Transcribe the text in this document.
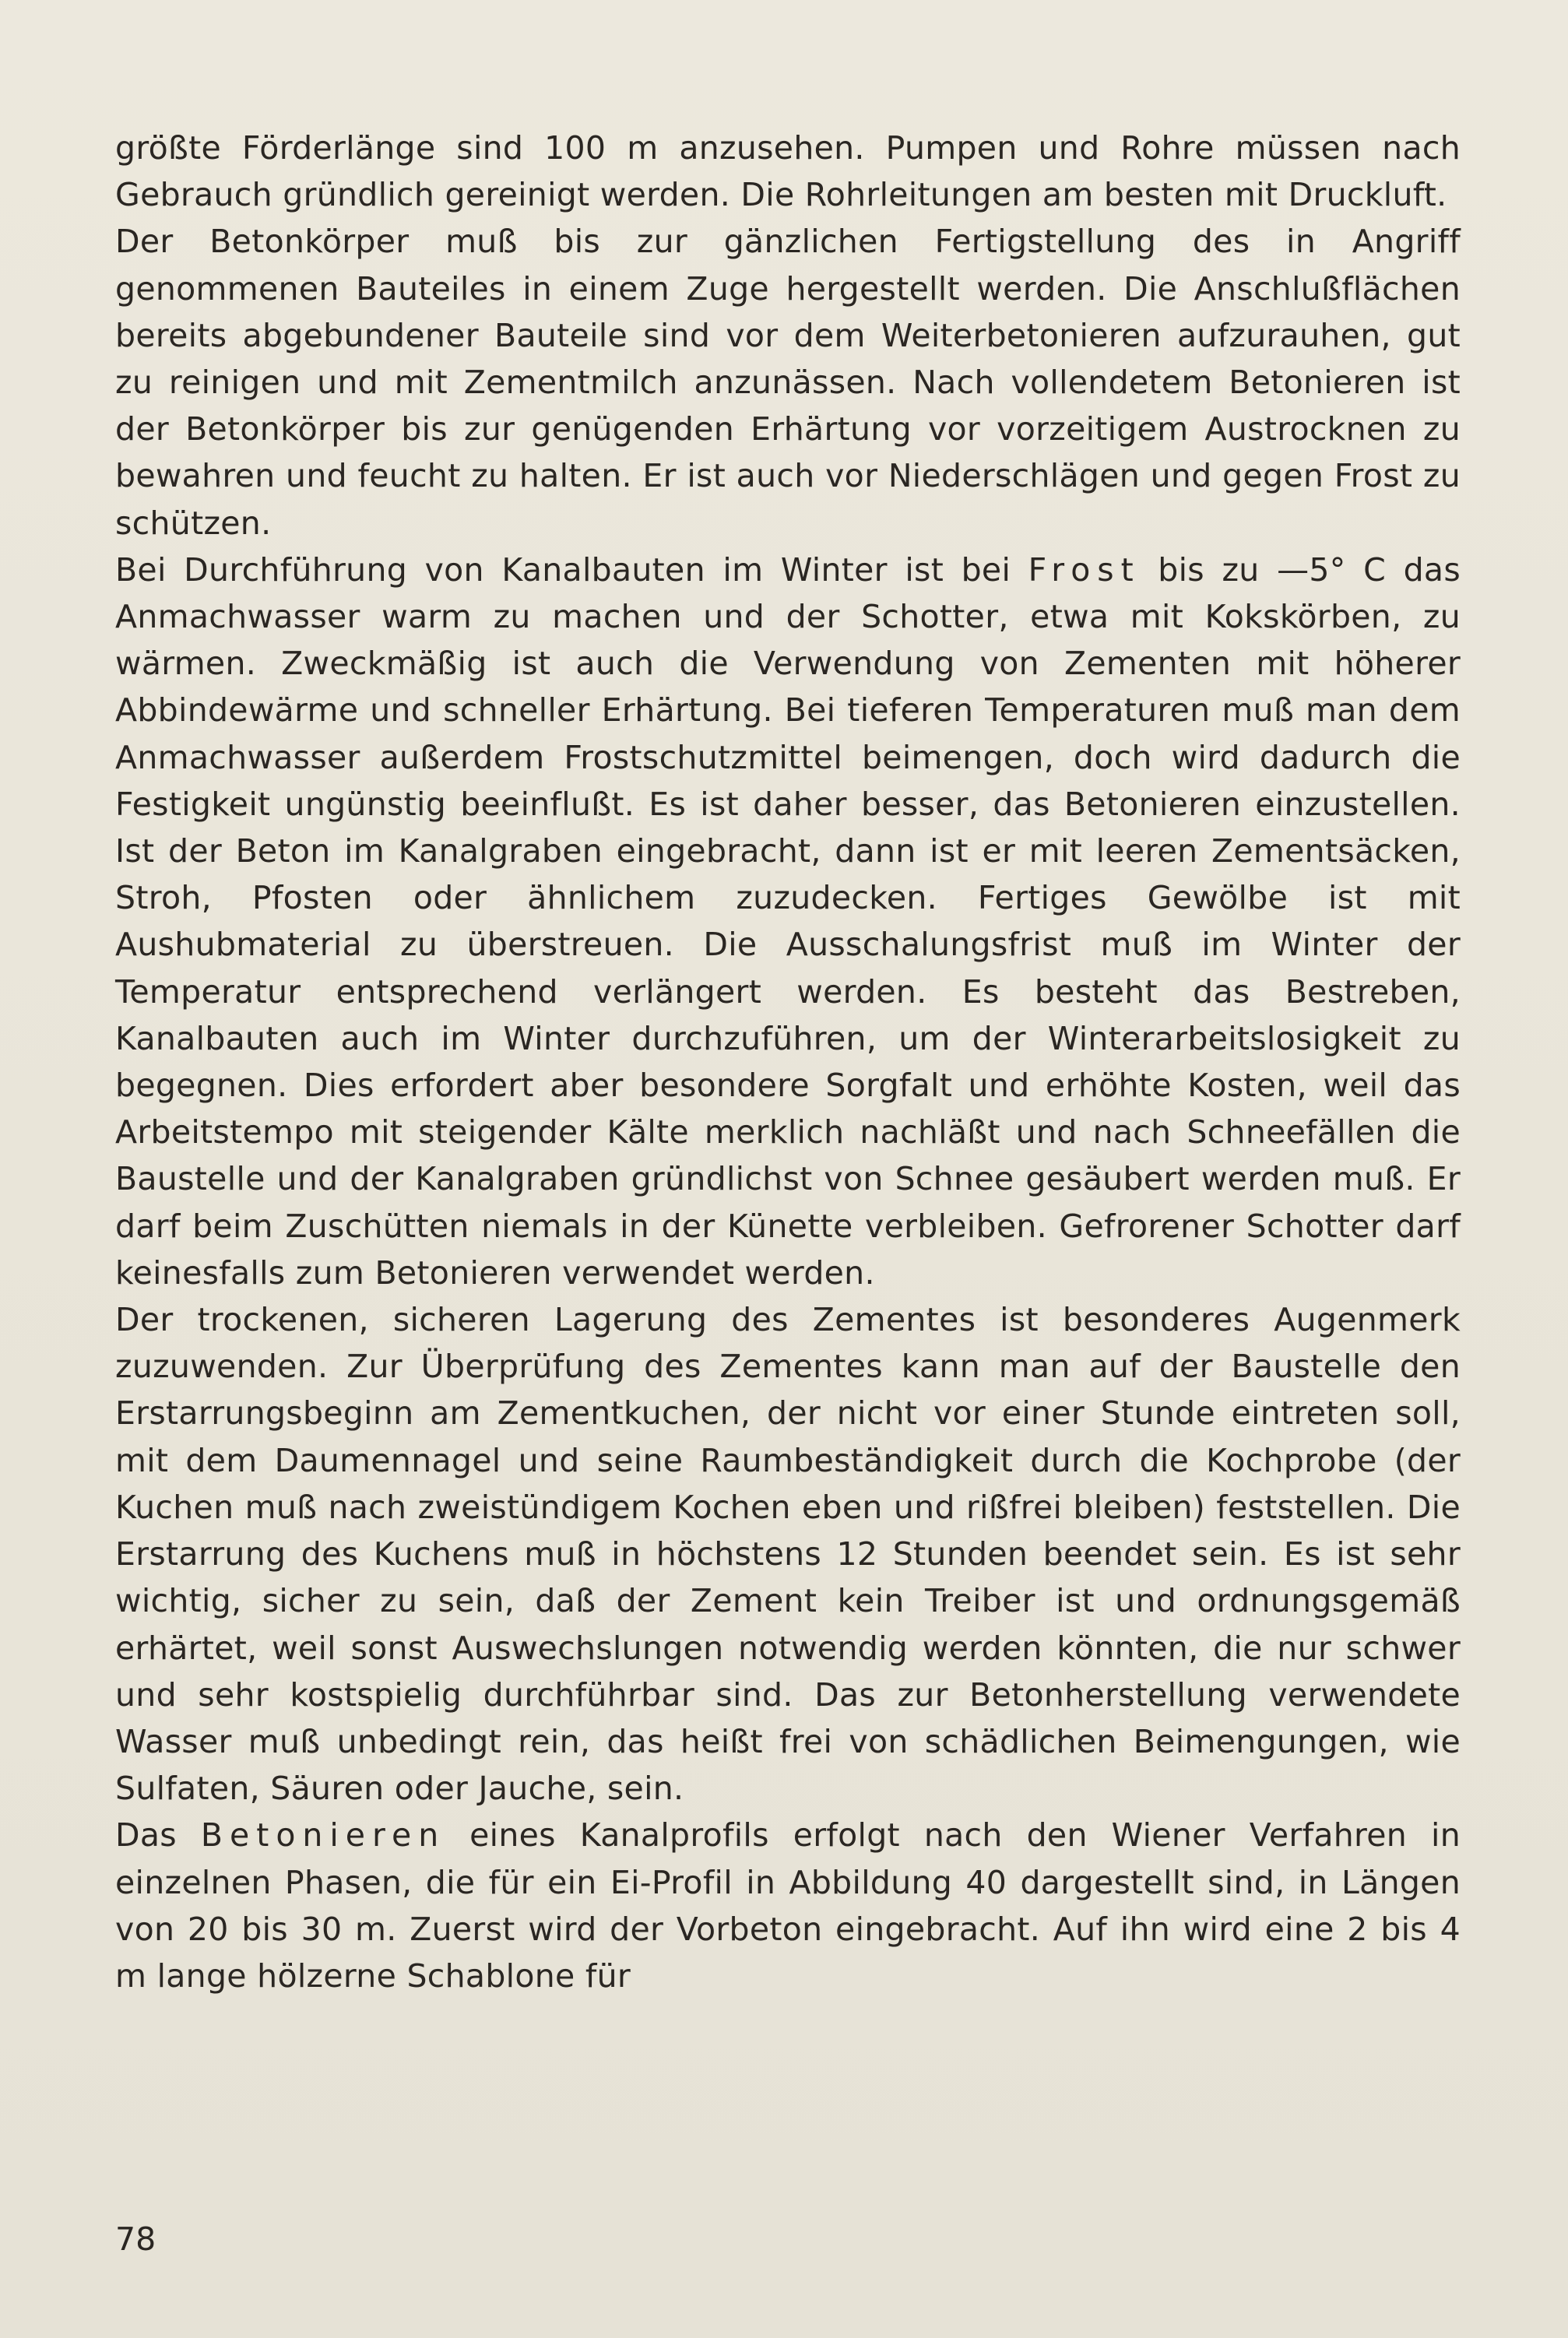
größte Förderlänge sind 100 m anzusehen. Pumpen und Rohre müssen nach Gebrauch gründlich gereinigt werden. Die Rohrleitungen am besten mit Druckluft.

Der Betonkörper muß bis zur gänzlichen Fertigstellung des in Angriff genommenen Bauteiles in einem Zuge hergestellt werden. Die Anschlußflächen bereits abgebundener Bauteile sind vor dem Weiterbetonieren aufzurauhen, gut zu reinigen und mit Zementmilch anzunässen. Nach vollendetem Betonieren ist der Betonkörper bis zur genügenden Erhärtung vor vorzeitigem Austrocknen zu bewahren und feucht zu halten. Er ist auch vor Niederschlägen und gegen Frost zu schützen.

Bei Durchführung von Kanalbauten im Winter ist bei Frost bis zu —5° C das Anmachwasser warm zu machen und der Schotter, etwa mit Kokskörben, zu wärmen. Zweckmäßig ist auch die Verwendung von Zementen mit höherer Abbindewärme und schneller Erhärtung. Bei tieferen Temperaturen muß man dem Anmachwasser außerdem Frostschutzmittel beimengen, doch wird dadurch die Festigkeit ungünstig beeinflußt. Es ist daher besser, das Betonieren einzustellen. Ist der Beton im Kanalgraben eingebracht, dann ist er mit leeren Zementsäcken, Stroh, Pfosten oder ähnlichem zuzudecken. Fertiges Gewölbe ist mit Aushubmaterial zu überstreuen. Die Ausschalungsfrist muß im Winter der Temperatur entsprechend verlängert werden. Es besteht das Bestreben, Kanalbauten auch im Winter durchzuführen, um der Winterarbeitslosigkeit zu begegnen. Dies erfordert aber besondere Sorgfalt und erhöhte Kosten, weil das Arbeitstempo mit steigender Kälte merklich nachläßt und nach Schneefällen die Baustelle und der Kanalgraben gründlichst von Schnee gesäubert werden muß. Er darf beim Zuschütten niemals in der Künette verbleiben. Gefrorener Schotter darf keinesfalls zum Betonieren verwendet werden.

Der trockenen, sicheren Lagerung des Zementes ist besonderes Augenmerk zuzuwenden. Zur Überprüfung des Zementes kann man auf der Baustelle den Erstarrungsbeginn am Zementkuchen, der nicht vor einer Stunde eintreten soll, mit dem Daumennagel und seine Raumbeständigkeit durch die Kochprobe (der Kuchen muß nach zweistündigem Kochen eben und rißfrei bleiben) feststellen. Die Erstarrung des Kuchens muß in höchstens 12 Stunden beendet sein. Es ist sehr wichtig, sicher zu sein, daß der Zement kein Treiber ist und ordnungsgemäß erhärtet, weil sonst Auswechslungen notwendig werden könnten, die nur schwer und sehr kostspielig durchführbar sind. Das zur Betonherstellung verwendete Wasser muß unbedingt rein, das heißt frei von schädlichen Beimengungen, wie Sulfaten, Säuren oder Jauche, sein.

Das Betonieren eines Kanalprofils erfolgt nach den Wiener Verfahren in einzelnen Phasen, die für ein Ei-Profil in Abbildung 40 dargestellt sind, in Längen von 20 bis 30 m. Zuerst wird der Vorbeton eingebracht. Auf ihn wird eine 2 bis 4 m lange hölzerne Schablone für

78
